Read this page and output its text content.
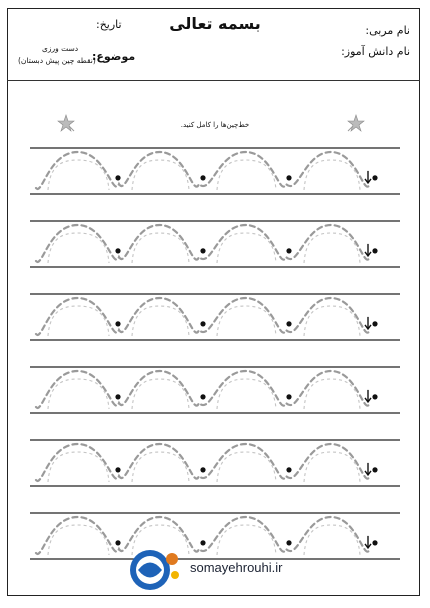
بسمه تعالی	نام مربی:
نام دانش آموز:
تاریخ:
موضوع:
دست ورزی
(نقطه چین پیش دبستان)
خط‌چین‌ها را کامل کنید.
somayehrouhi.ir
